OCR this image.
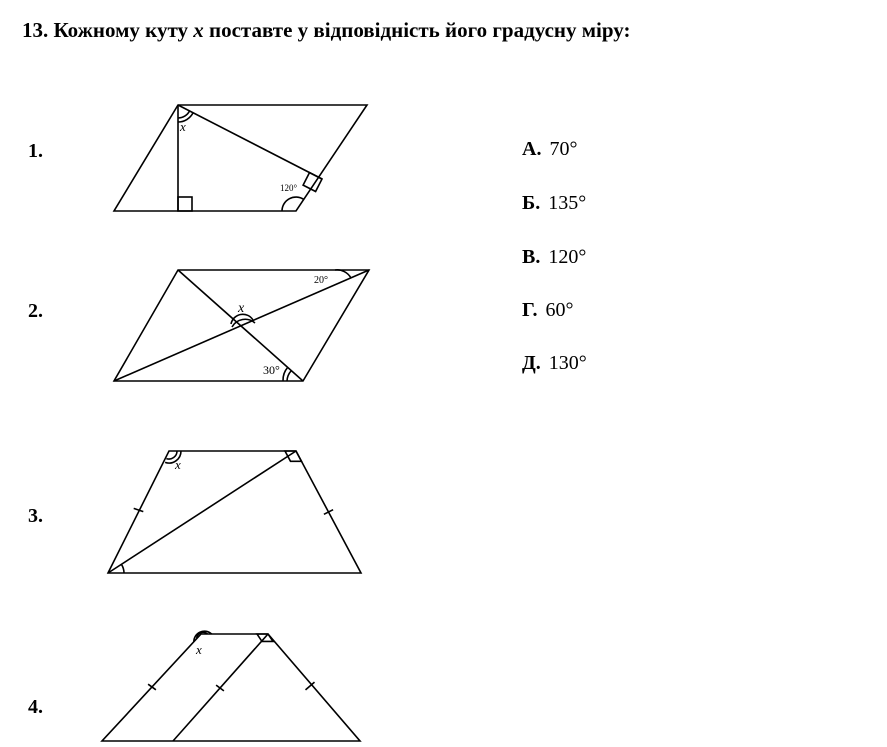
13. Кожному куту x поставте у відповідність його градусну міру:
1.
2.
3.
4.
А. 70°
Б. 135°
В. 120°
Г. 60°
Д. 130°
x
120°
x
20°
30°
x
x
